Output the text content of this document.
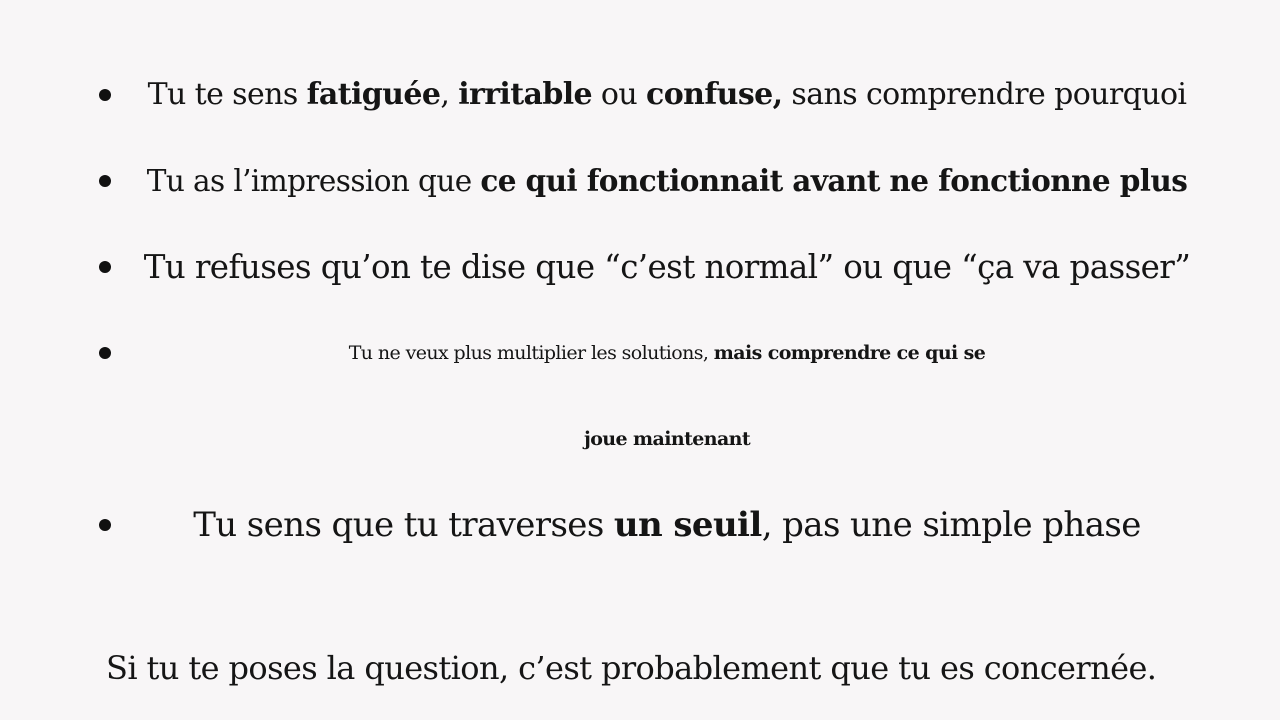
Tu te sens fatiguée, irritable ou confuse, sans comprendre pourquoi
Tu as l’impression que ce qui fonctionnait avant ne fonctionne plus
Tu refuses qu’on te dise que “c’est normal” ou que “ça va passer”
Tu ne veux plus multiplier les solutions, mais comprendre ce qui se
joue maintenant
Tu sens que tu traverses un seuil, pas une simple phase

Si tu te poses la question, c’est probablement que tu es concernée.
